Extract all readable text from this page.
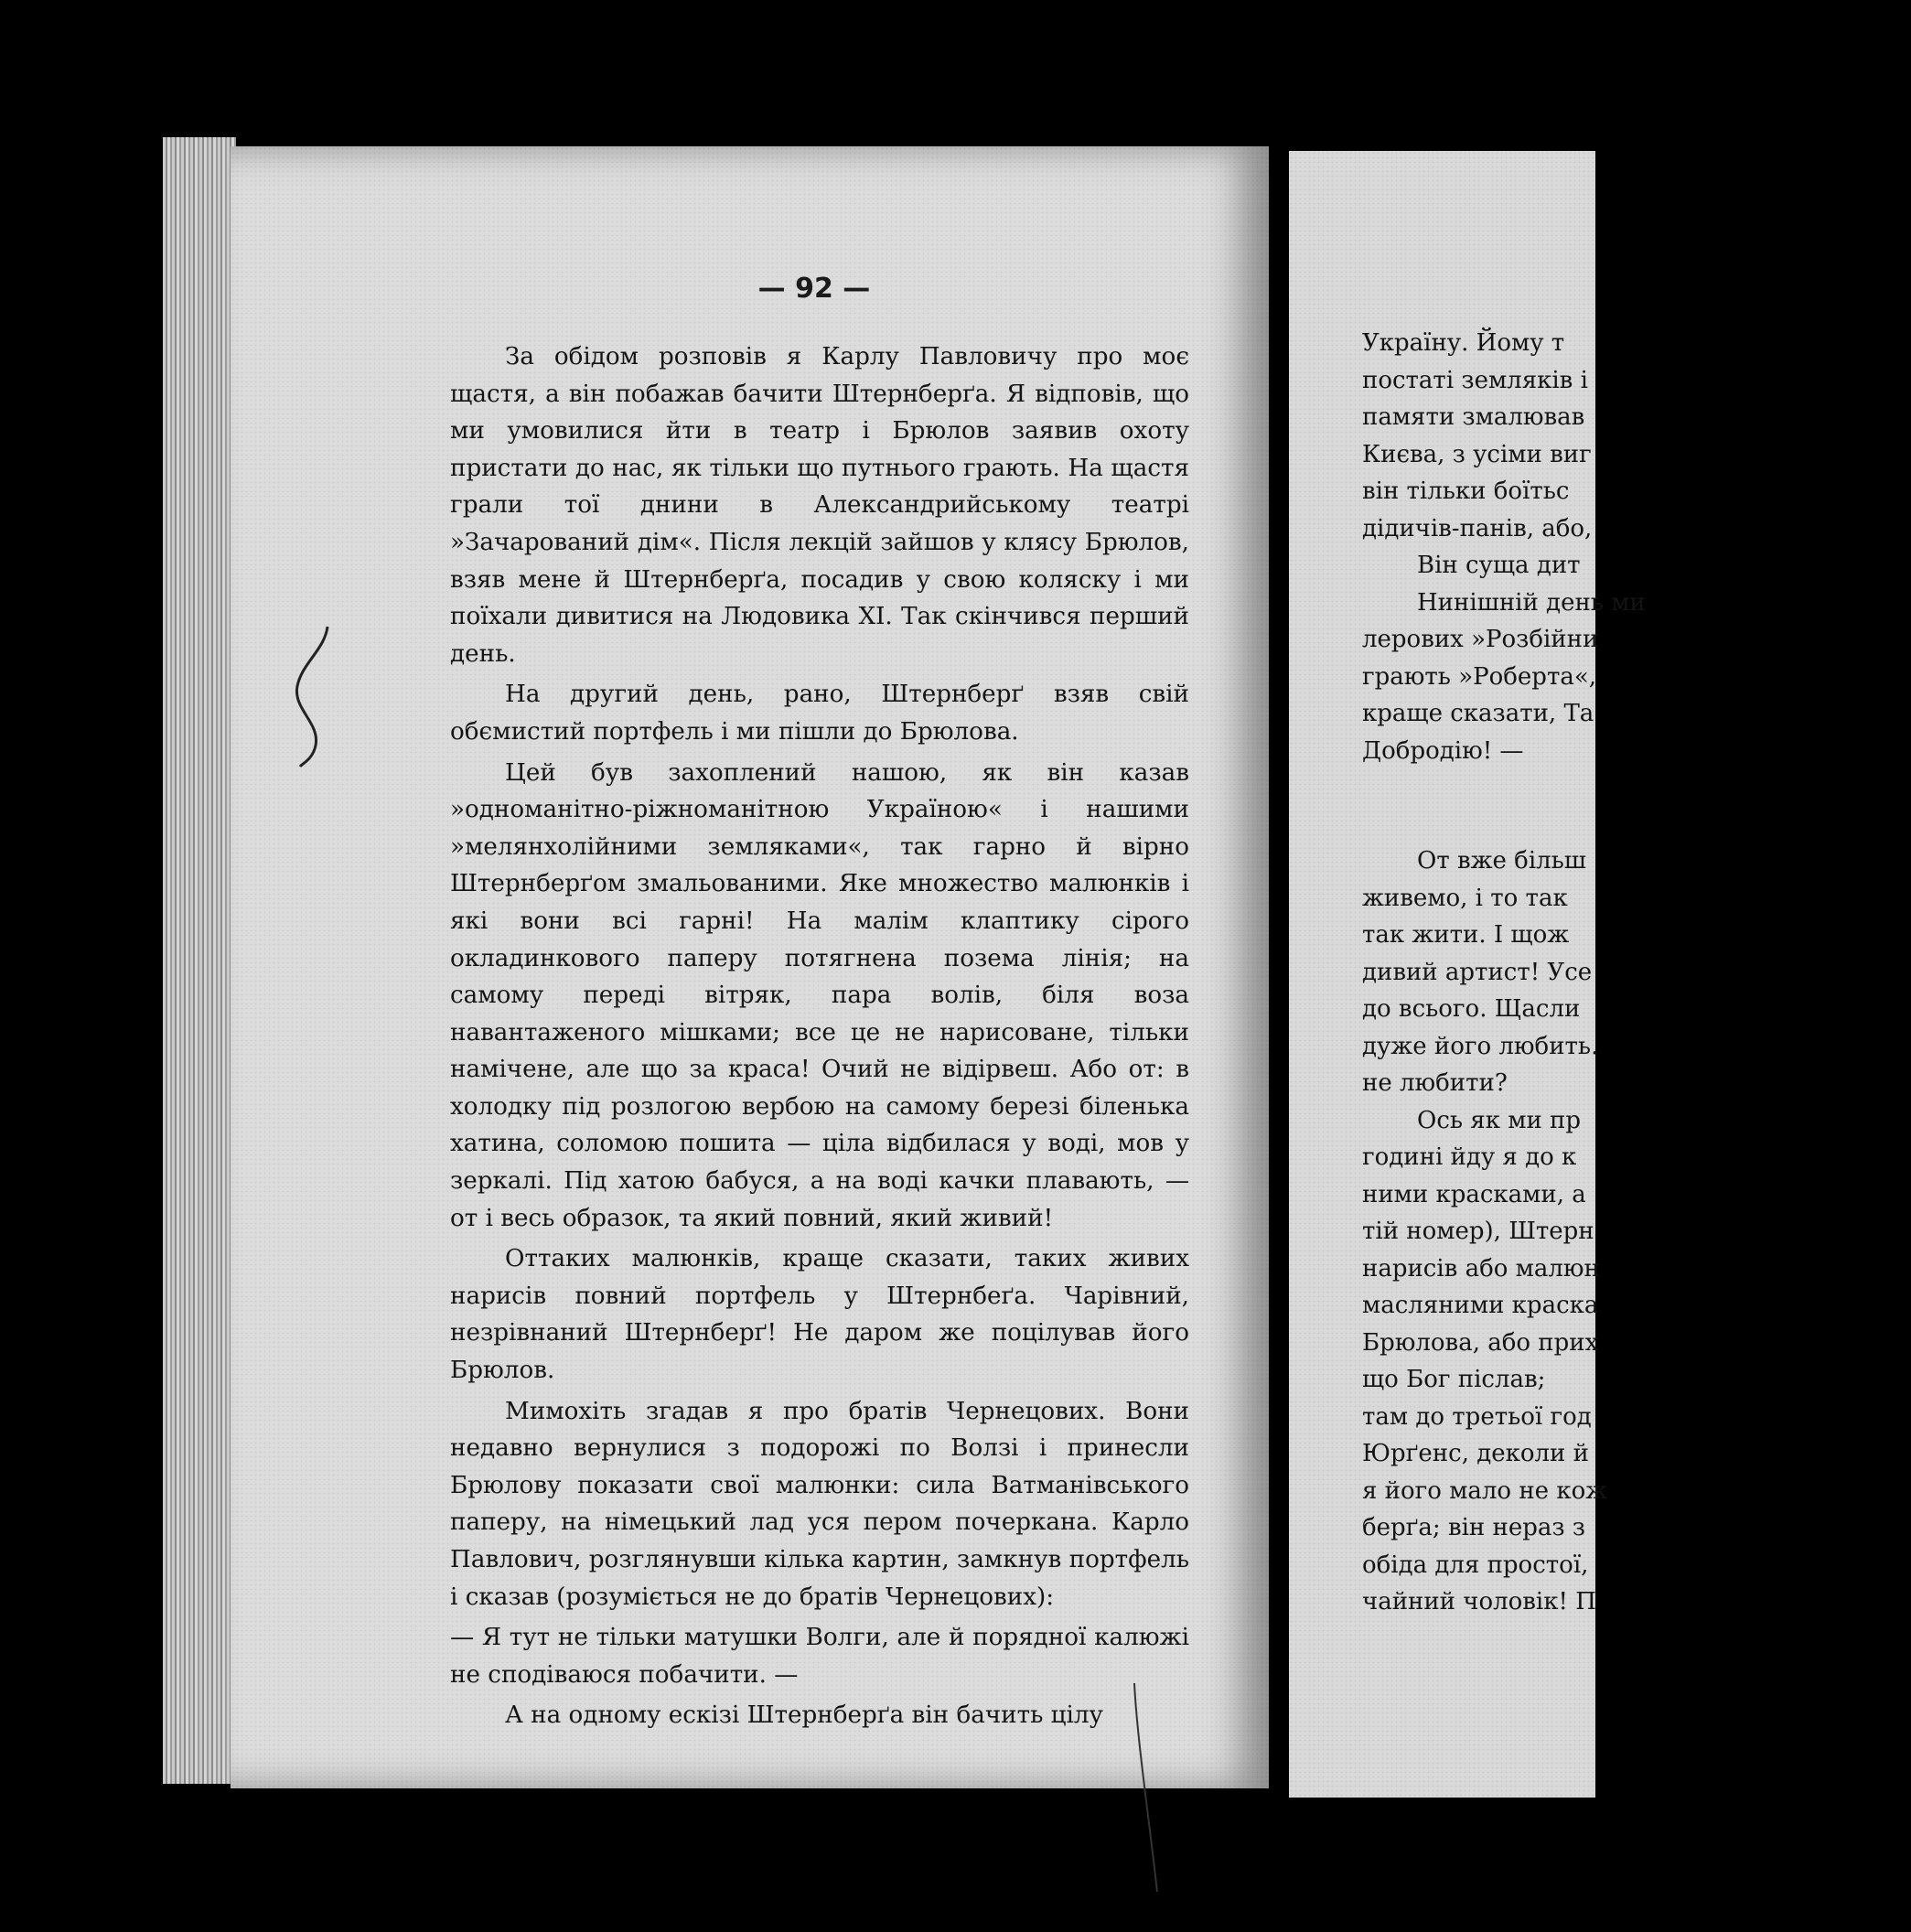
Україну. Йому т
постаті земляків і
памяти змалював
Києва, з усіми виг
він тільки боїтьс
дідичів-панів, або,
Він суща дит
Нинішній день ми
лерових »Розбійни
грають »Роберта«,
краще сказати, Та
Добродію! —
От вже більш
живемо, і то так
так жити. І щож
дивий артист! Усе
до всього. Щасли
дуже його любить.
не любити?
Ось як ми пр
годині йду я до к
ними красками, а
тій номер), Штерн
нарисів або малюн
масляними краска
Брюлова, або прих
що Бог післав;
там до третьої год
Юрґенс, деколи й
я його мало не кож
берґа; він нераз з
обіда для простої,
чайний чоловік! П
— 92 —

За обідом розповів я Карлу Павловичу про моє щастя, а він побажав бачити Штернберґа. Я відповів, що ми умовилися йти в театр і Брюлов заявив охоту пристати до нас, як тільки що путнього грають. На щастя грали тої днини в Александрийському театрі »Зачарований дім«. Після лекцій зайшов у клясу Брюлов, взяв мене й Штернберґа, посадив у свою коляску і ми поїхали дивитися на Людовика XI. Так скінчився перший день.

На другий день, рано, Штернберґ взяв свій обємистий портфель і ми пішли до Брюлова.

Цей був захоплений нашою, як він казав »одноманітно-ріжноманітною Україною« і нашими »мелянхолійними земляками«, так гарно й вірно Штернберґом змальованими. Яке множество малюнків і які вони всі гарні! На малім клаптику сірого окладинкового паперу потягнена позема лінія; на самому переді вітряк, пара волів, біля воза навантаженого мішками; все це не нарисоване, тільки намічене, але що за краса! Очий не відірвеш. Або от: в холодку під розлогою вербою на самому березі біленька хатина, соломою пошита — ціла відбилася у воді, мов у зеркалі. Під хатою бабуся, а на воді качки плавають, — от і весь образок, та який повний, який живий!

Оттаких малюнків, краще сказати, таких живих нарисів повний портфель у Штернбеґа. Чарівний, незрівнаний Штернберґ! Не даром же поцілував його Брюлов.

Мимохіть згадав я про братів Чернецових. Вони недавно вернулися з подорожі по Волзі і принесли Брюлову показати свої малюнки: сила Ватманівського паперу, на німецький лад уся пером почеркана. Карло Павлович, розглянувши кілька картин, замкнув портфель і сказав (розуміється не до братів Чернецових):

— Я тут не тільки матушки Волги, але й порядної калюжі не сподіваюся побачити. —

А на одному ескізі Штернберґа він бачить цілу
